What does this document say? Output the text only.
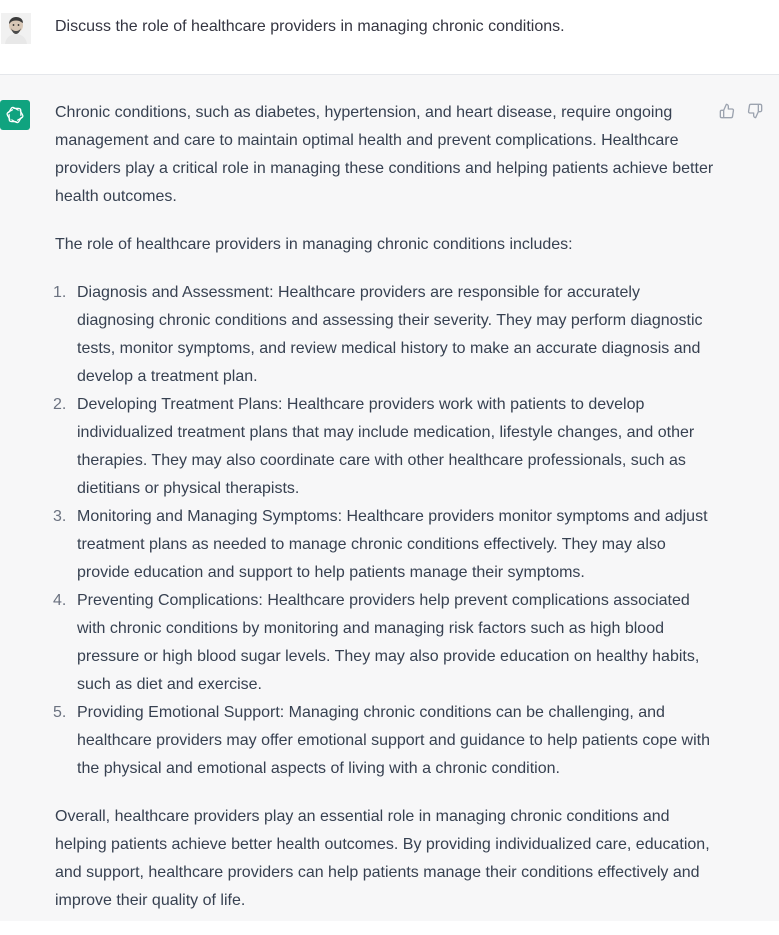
Discuss the role of healthcare providers in managing chronic conditions.

Chronic conditions, such as diabetes, hypertension, and heart disease, require ongoing management and care to maintain optimal health and prevent complications. Healthcare providers play a critical role in managing these conditions and helping patients achieve better health outcomes.

The role of healthcare providers in managing chronic conditions includes:

1. Diagnosis and Assessment: Healthcare providers are responsible for accurately diagnosing chronic conditions and assessing their severity. They may perform diagnostic tests, monitor symptoms, and review medical history to make an accurate diagnosis and develop a treatment plan.
2. Developing Treatment Plans: Healthcare providers work with patients to develop individualized treatment plans that may include medication, lifestyle changes, and other therapies. They may also coordinate care with other healthcare professionals, such as dietitians or physical therapists.
3. Monitoring and Managing Symptoms: Healthcare providers monitor symptoms and adjust treatment plans as needed to manage chronic conditions effectively. They may also provide education and support to help patients manage their symptoms.
4. Preventing Complications: Healthcare providers help prevent complications associated with chronic conditions by monitoring and managing risk factors such as high blood pressure or high blood sugar levels. They may also provide education on healthy habits, such as diet and exercise.
5. Providing Emotional Support: Managing chronic conditions can be challenging, and healthcare providers may offer emotional support and guidance to help patients cope with the physical and emotional aspects of living with a chronic condition.

Overall, healthcare providers play an essential role in managing chronic conditions and helping patients achieve better health outcomes. By providing individualized care, education, and support, healthcare providers can help patients manage their conditions effectively and improve their quality of life.
